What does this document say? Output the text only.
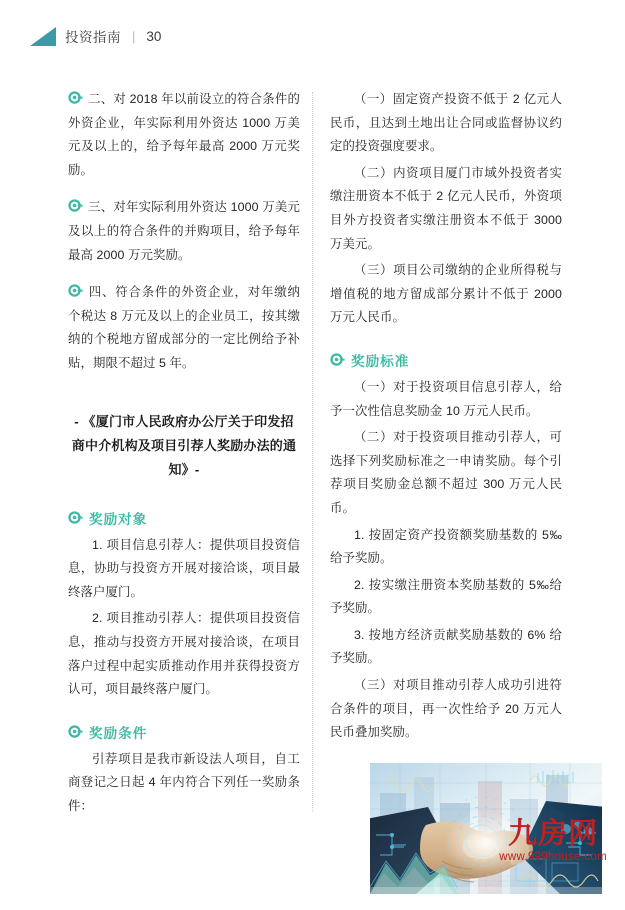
投资指南 | 30

二、对 2018 年以前设立的符合条件的外资企业，年实际利用外资达 1000 万美元及以上的，给予每年最高 2000 万元奖励。

三、对年实际利用外资达 1000 万美元及以上的符合条件的并购项目，给予每年最高 2000 万元奖励。

四、符合条件的外资企业，对年缴纳个税达 8 万元及以上的企业员工，按其缴纳的个税地方留成部分的一定比例给予补贴，期限不超过 5 年。

- 《厦门市人民政府办公厅关于印发招商中介机构及项目引荐人奖励办法的通知》-
奖励对象

1. 项目信息引荐人：提供项目投资信息，协助与投资方开展对接洽谈，项目最终落户厦门。

2. 项目推动引荐人：提供项目投资信息，推动与投资方开展对接洽谈，在项目落户过程中起实质推动作用并获得投资方认可，项目最终落户厦门。

奖励条件

引荐项目是我市新设法人项目，自工商登记之日起 4 年内符合下列任一奖励条件：

（一）固定资产投资不低于 2 亿元人民币，且达到土地出让合同或监督协议约定的投资强度要求。

（二）内资项目厦门市域外投资者实缴注册资本不低于 2 亿元人民币，外资项目外方投资者实缴注册资本不低于 3000 万美元。

（三）项目公司缴纳的企业所得税与增值税的地方留成部分累计不低于 2000 万元人民币。

奖励标准

（一）对于投资项目信息引荐人，给予一次性信息奖励金 10 万元人民币。

（二）对于投资项目推动引荐人，可选择下列奖励标准之一申请奖励。每个引荐项目奖励金总额不超过 300 万元人民币。

1. 按固定资产投资额奖励基数的 5‰ 给予奖励。

2. 按实缴注册资本奖励基数的 5‰给予奖励。

3. 按地方经济贡献奖励基数的 6% 给予奖励。

（三）对项目推动引荐人成功引进符合条件的项目，再一次性给予 20 万元人民币叠加奖励。

九房网
www.999house.com
